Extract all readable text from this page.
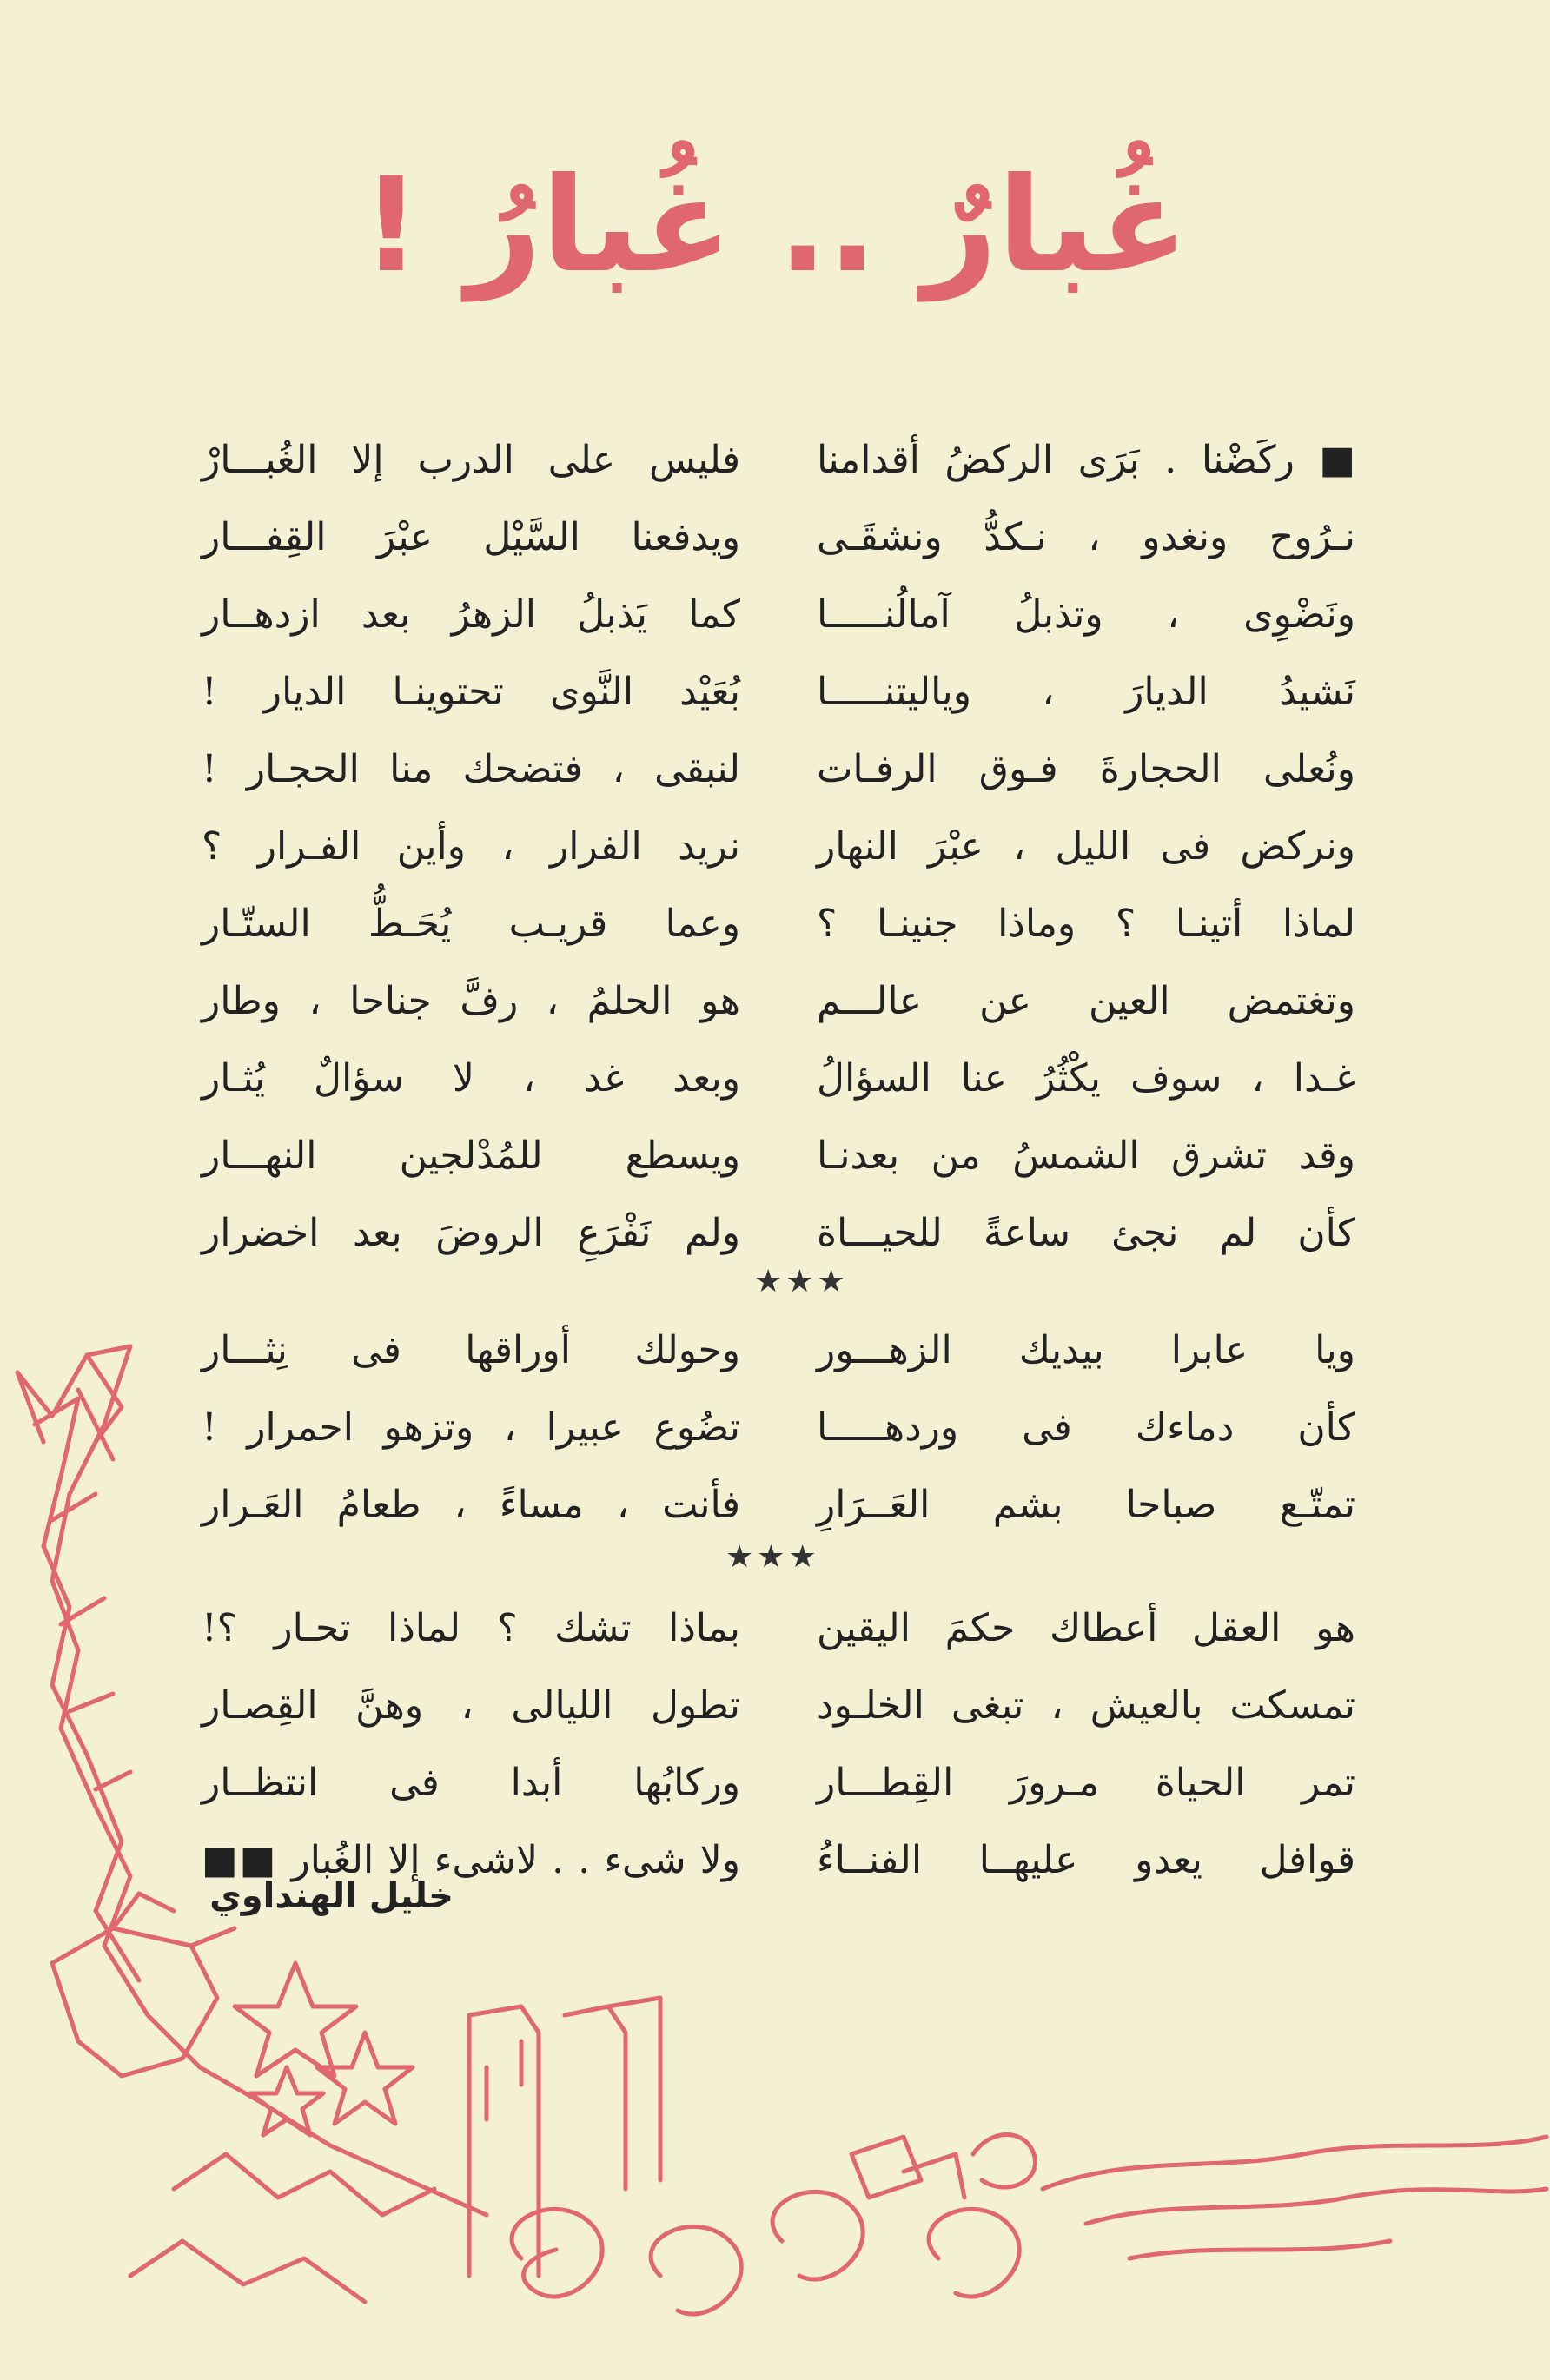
غُبارٌ .. غُبارُ !
■ ركَضْنا . بَرَى الركضُ أقدامنا
نـرُوح ونغدو ، نـكدُّ ونشقَـى
ونَضْوِى ، وتذبلُ آمالُنـــــا
نَشيدُ الديارَ ، وياليتنـــــا
ونُعلى الحجارةَ فـوق الرفـات
ونركض فى الليل ، عبْرَ النهار
لماذا أتينـا ؟ وماذا جنينـا ؟
وتغتمض العين عن عالـــم
غـدا ، سوف يكْثُرُ عنا السؤالُ
وقد تشرق الشمسُ من بعدنـا
كأن لم نجئ ساعةً للحيـــاة
فليس على الدرب إلا الغُبـــارْ
ويدفعنا السَّيْل عبْرَ القِفـــار
كما يَذبلُ الزهرُ بعد ازدهــار
بُعَيْد النَّوى تحتوينـا الديار !
لنبقى ، فتضحك منا الحجـار !
نريد الفرار ، وأين الفـرار ؟
وعما قريـب يُحَـطُّ الستّـار
هو الحلمُ ، رفَّ جناحا ، وطار
وبعد غد ، لا سؤالٌ يُثـار
ويسطع للمُدْلجين النهـــار
ولم نَفْرَعِ الروضَ بعد اخضرار
★★★
ويا عابرا بيديك الزهـــور
كأن دماءك فى وردهـــــا
تمتّـع صباحا بشم العَــرَارِ
وحولك أوراقها فى نِثـــار
تضُوع عبيرا ، وتزهو احمرار !
فأنت ، مساءً ، طعامُ العَـرار
★★★
هو العقل أعطاك حكمَ اليقين
تمسكت بالعيش ، تبغى الخلـود
تمر الحياة مـرورَ القِطـــار
قوافل يعدو عليهــا الفنــاءُ
بماذا تشك ؟ لماذا تحـار ؟!
تطول الليالى ، وهنَّ القِصـار
وركابُها أبدا فى انتظــار
ولا شىء . . لاشىء إلا الغُبار ■■
خليل الهنداوي
